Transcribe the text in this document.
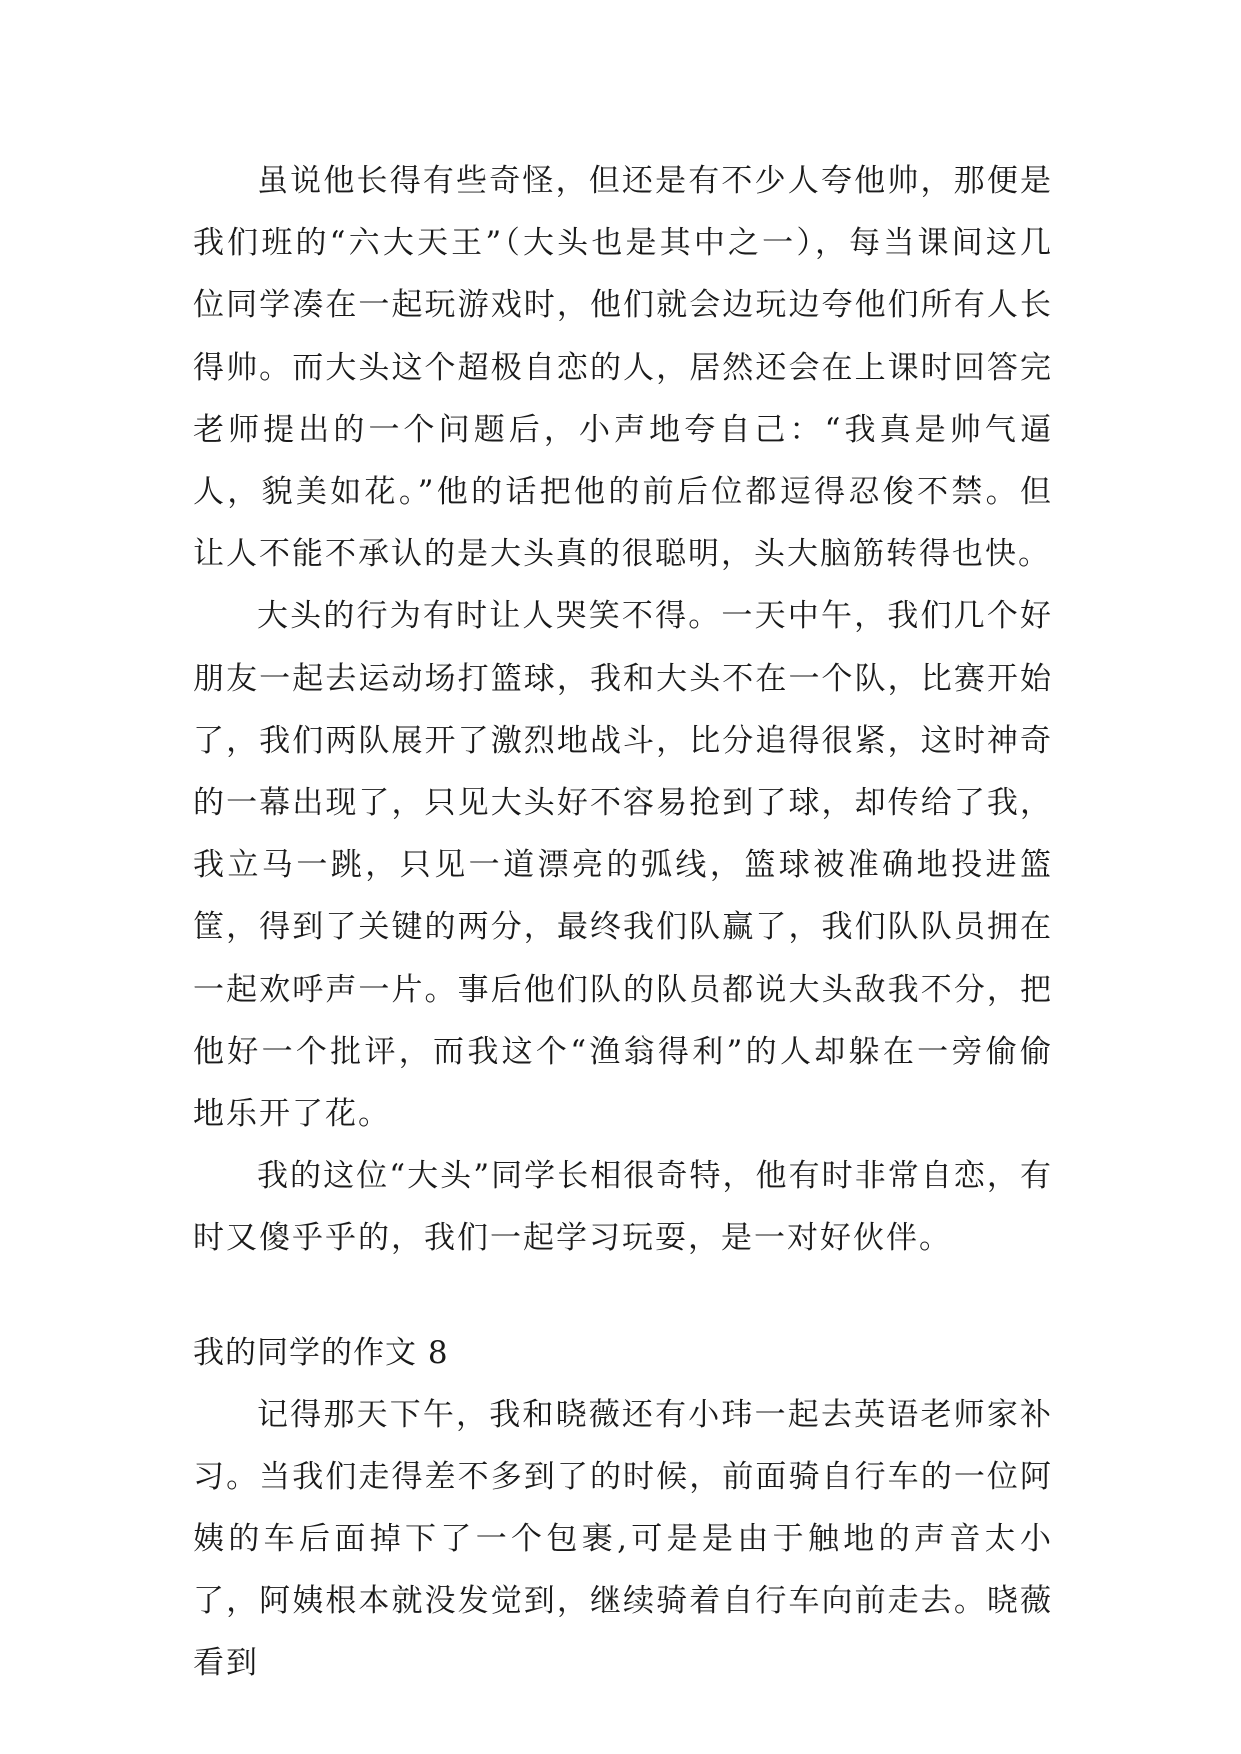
虽说他长得有些奇怪，但还是有不少人夸他帅，那便是我们班的“六大天王”（大头也是其中之一），每当课间这几位同学凑在一起玩游戏时，他们就会边玩边夸他们所有人长得帅。而大头这个超极自恋的人，居然还会在上课时回答完老师提出的一个问题后，小声地夸自己：“我真是帅气逼人，貌美如花。”他的话把他的前后位都逗得忍俊不禁。但让人不能不承认的是大头真的很聪明，头大脑筋转得也快。

大头的行为有时让人哭笑不得。一天中午，我们几个好朋友一起去运动场打篮球，我和大头不在一个队，比赛开始了，我们两队展开了激烈地战斗，比分追得很紧，这时神奇的一幕出现了，只见大头好不容易抢到了球，却传给了我，我立马一跳，只见一道漂亮的弧线，篮球被准确地投进篮筐，得到了关键的两分，最终我们队赢了，我们队队员拥在一起欢呼声一片。事后他们队的队员都说大头敌我不分，把他好一个批评，而我这个“渔翁得利”的人却躲在一旁偷偷地乐开了花。

我的这位“大头”同学长相很奇特，他有时非常自恋，有时又傻乎乎的，我们一起学习玩耍，是一对好伙伴。

我的同学的作文 8

记得那天下午，我和晓薇还有小玮一起去英语老师家补习。当我们走得差不多到了的时候，前面骑自行车的一位阿姨的车后面掉下了一个包裹,可是是由于触地的声音太小了，阿姨根本就没发觉到，继续骑着自行车向前走去。晓薇看到
